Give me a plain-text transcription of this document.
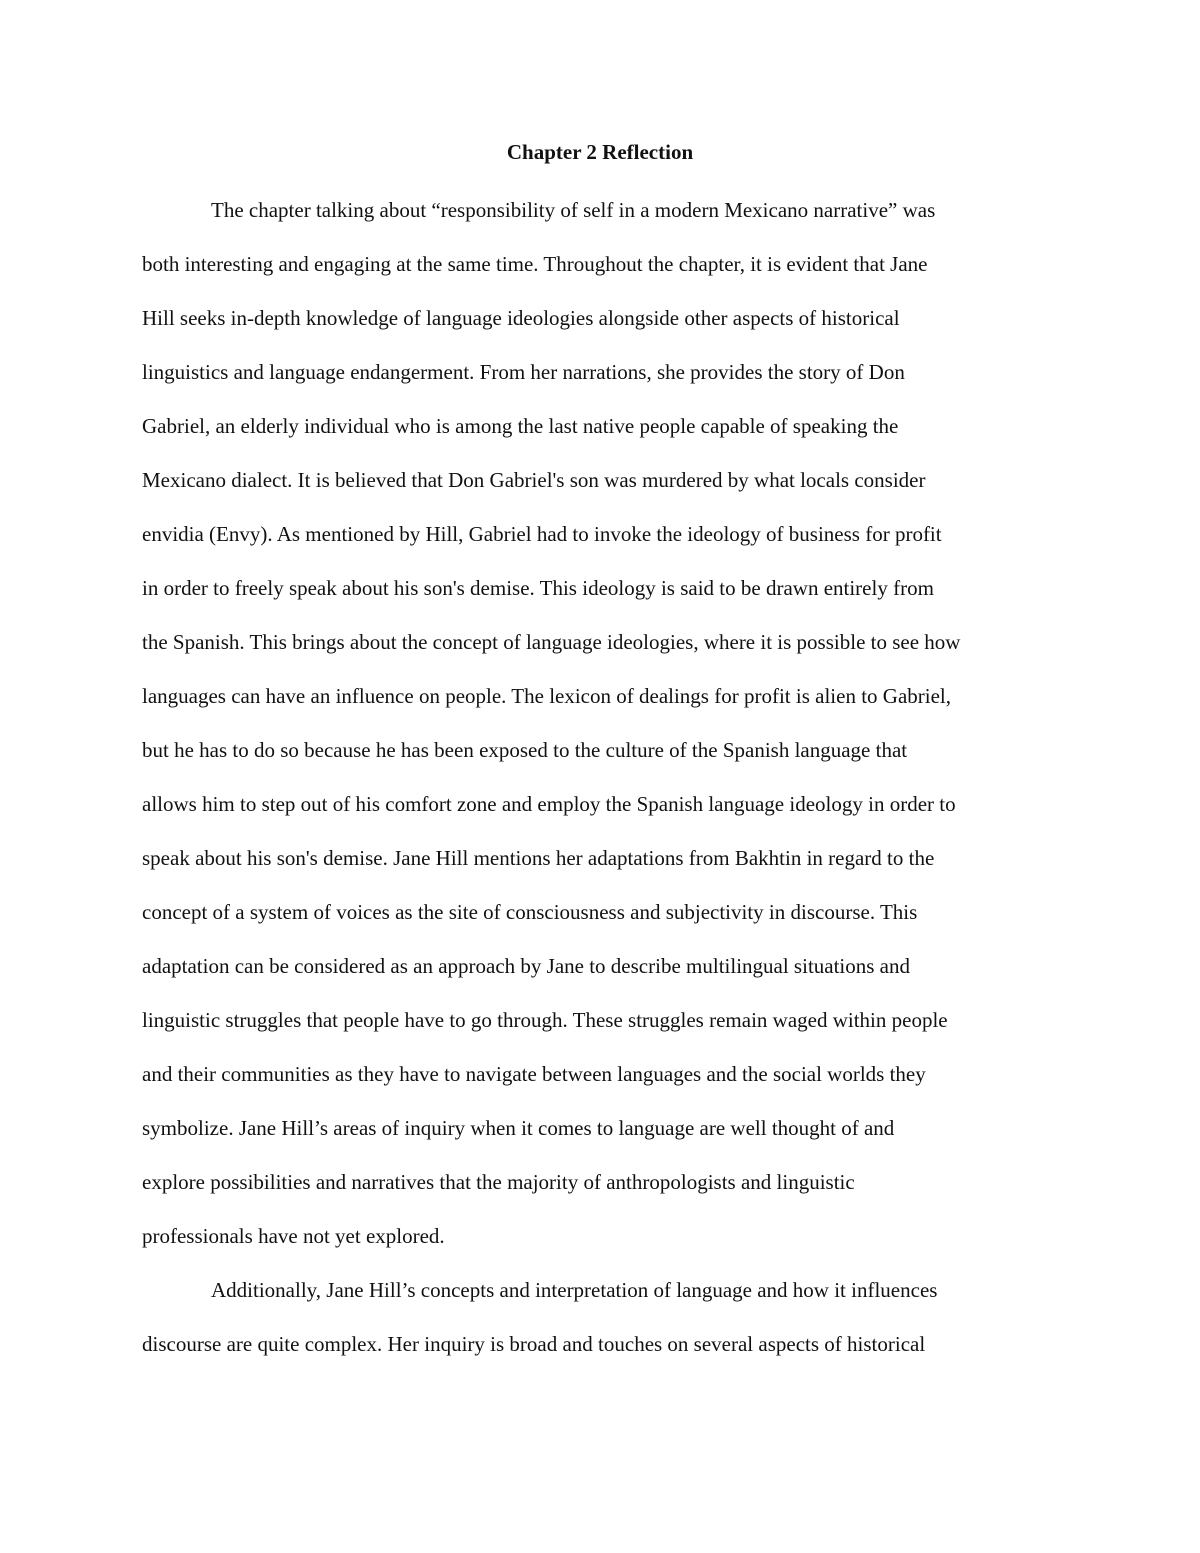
Chapter 2 Reflection
The chapter talking about “responsibility of self in a modern Mexicano narrative” was
both interesting and engaging at the same time. Throughout the chapter, it is evident that Jane
Hill seeks in-depth knowledge of language ideologies alongside other aspects of historical
linguistics and language endangerment. From her narrations, she provides the story of Don
Gabriel, an elderly individual who is among the last native people capable of speaking the
Mexicano dialect. It is believed that Don Gabriel's son was murdered by what locals consider
envidia (Envy). As mentioned by Hill, Gabriel had to invoke the ideology of business for profit
in order to freely speak about his son's demise. This ideology is said to be drawn entirely from
the Spanish. This brings about the concept of language ideologies, where it is possible to see how
languages can have an influence on people. The lexicon of dealings for profit is alien to Gabriel,
but he has to do so because he has been exposed to the culture of the Spanish language that
allows him to step out of his comfort zone and employ the Spanish language ideology in order to
speak about his son's demise. Jane Hill mentions her adaptations from Bakhtin in regard to the
concept of a system of voices as the site of consciousness and subjectivity in discourse. This
adaptation can be considered as an approach by Jane to describe multilingual situations and
linguistic struggles that people have to go through. These struggles remain waged within people
and their communities as they have to navigate between languages and the social worlds they
symbolize. Jane Hill’s areas of inquiry when it comes to language are well thought of and
explore possibilities and narratives that the majority of anthropologists and linguistic
professionals have not yet explored.
Additionally, Jane Hill’s concepts and interpretation of language and how it influences
discourse are quite complex. Her inquiry is broad and touches on several aspects of historical
